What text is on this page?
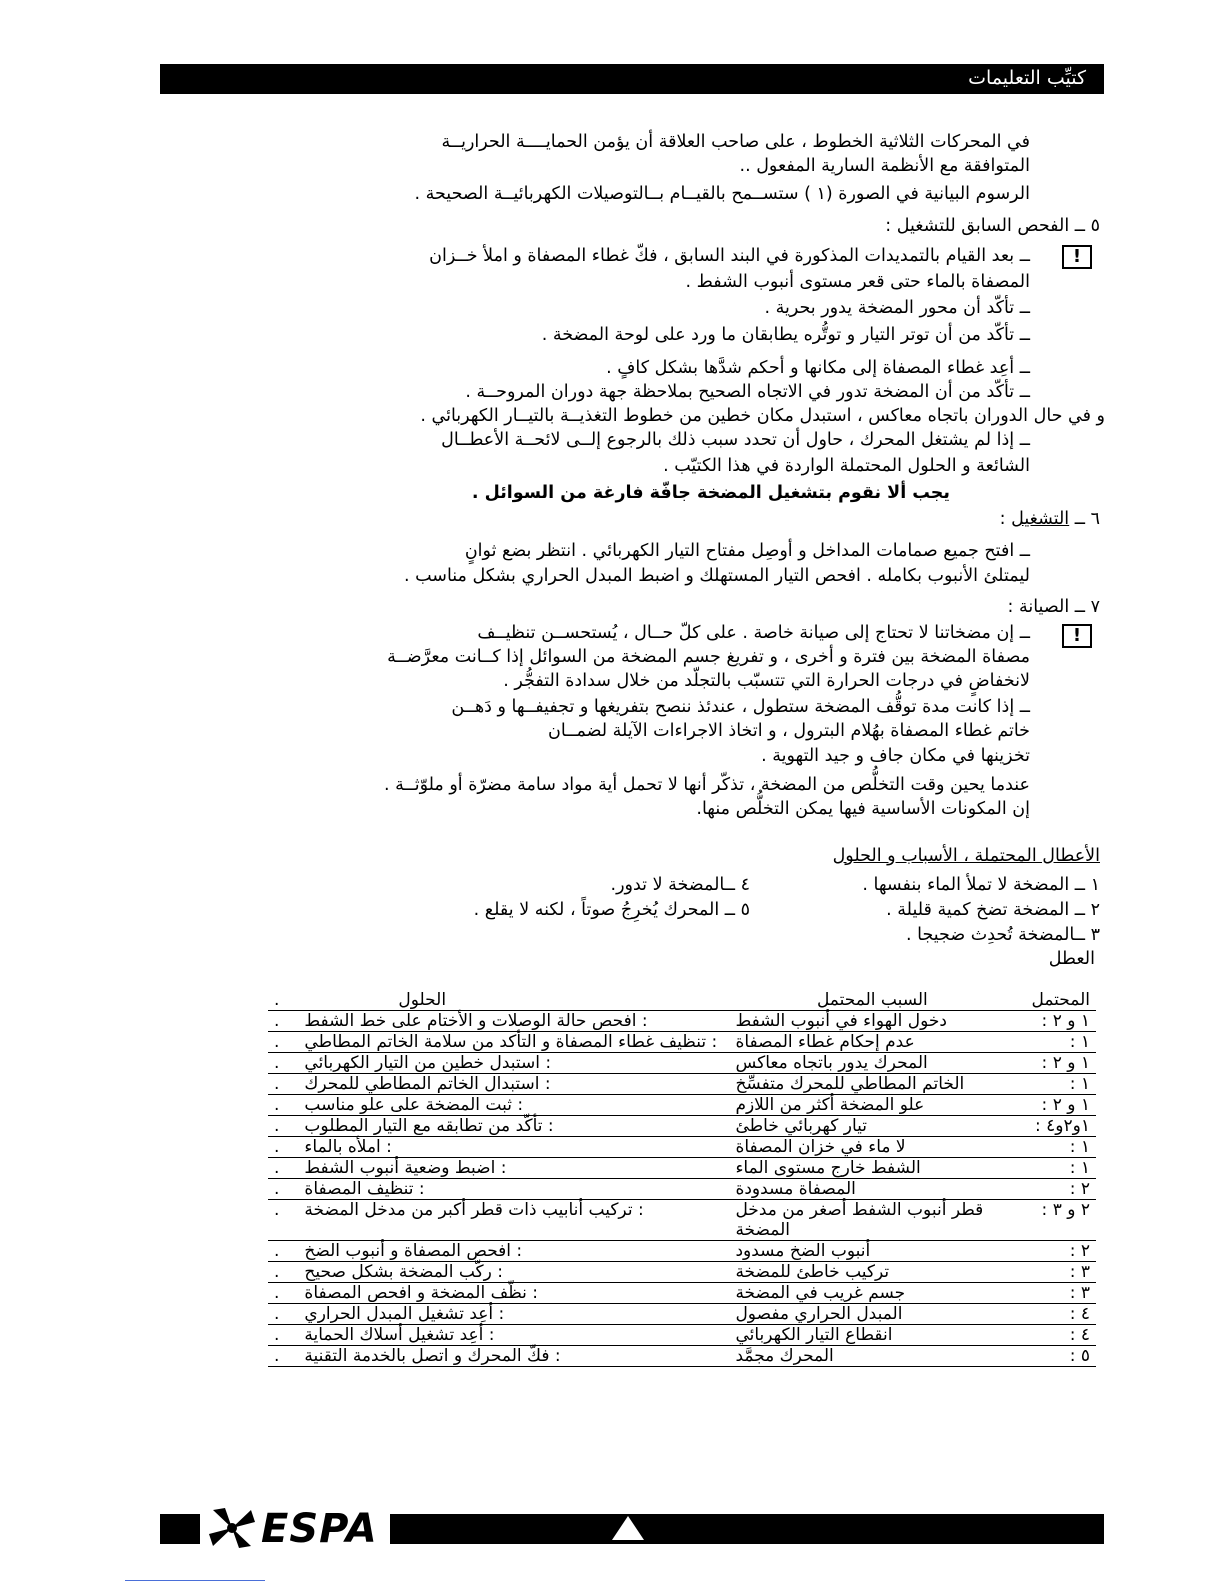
كتيِّب التعليمات
في المحركات الثلاثية الخطوط ، على صاحب العلاقة أن يؤمن الحمايــــة الحراريــة
المتوافقة مع الأنظمة السارية المفعول ..
الرسوم البيانية في الصورة (١ ) ستســمح بالقيــام بــالتوصيلات الكهربائيــة الصحيحة .
٥ ــ الفحص السابق للتشغيل :
!
ــ بعد القيام بالتمديدات المذكورة في البند السابق ، فكّ غطاء المصفاة و املأ خــزان
المصفاة بالماء حتى قعر مستوى أنبوب الشفط .
ــ تأكّد أن محور المضخة يدور بحرية .
ــ تأكّد من أن توتر التيار و توتُّره يطابقان ما ورد على لوحة المضخة .
ــ أعِد غطاء المصفاة إلى مكانها و أحكم شدَّها بشكل كافٍ .
ــ تأكّد من أن المضخة تدور في الاتجاه الصحيح بملاحظة جهة دوران المروحــة .
و في حال الدوران باتجاه معاكس ، استبدل مكان خطين من خطوط التغذيــة بالتيــار الكهربائي .
ــ إذا لم يشتغل المحرك ، حاول أن تحدد سبب ذلك بالرجوع إلــى لائحــة الأعطــال
الشائعة و الحلول المحتملة الواردة في هذا الكتيّب .
يجب ألا نقوم بتشغيل المضخة جافّة فارغة من السوائل .
٦ ــ التشغيل :
ــ افتح جميع صمامات المداخل و أوصِل مفتاح التيار الكهربائي . انتظر بضع ثوانٍ
ليمتلئ الأنبوب بكامله . افحص التيار المستهلك و اضبط المبدل الحراري بشكل مناسب .
٧ ــ الصيانة :
!
ــ إن مضخاتنا لا تحتاج إلى صيانة خاصة . على كلّ حــال ، يُستحســن تنظيــف
مصفاة المضخة بين فترة و أخرى ، و تفريغ جسم المضخة من السوائل إذا كــانت معرَّضــة
لانخفاضٍ في درجات الحرارة التي تتسبّب بالتجلّد من خلال سدادة التفجُّر .
ــ إذا كانت مدة توقُّف المضخة ستطول ، عندئذ ننصح بتفريغها و تجفيفــها و دَهــن
خاتم غطاء المصفاة بهُلام البترول ، و اتخاذ الاجراءات الآيلة لضمــان
تخزينها في مكان جاف و جيد التهوية .
عندما يحين وقت التخلُّص من المضخة ، تذكّر أنها لا تحمل أية مواد سامة مضرّة أو ملوّثــة .
إن المكونات الأساسية فيها يمكن التخلُّص منها.
الأعطال المحتملة ، الأسباب و الحلول
١ ــ المضخة لا تملأ الماء بنفسها .
٤ ــالمضخة لا تدور.
٢ ــ المضخة تضخ كمية قليلة .
٥ ــ المحرك يُخرِجُ صوتاً ، لكنه لا يقلع .
٣ ــالمضخة تُحدِث ضجيجا .
العطل
المحتمل	السبب المحتمل	الحلول	.
١ و ٢ :	دخول الهواء في أنبوب الشفط	: افحص حالة الوصلات و الأختام على خط الشفط	.
١ :	عدم إحكام غطاء المصفاة	: تنظيف غطاء المصفاة و التأكد من سلامة الخاتم المطاطي	.
١ و ٢ :	المحرك يدور باتجاه معاكس	: استبدل خطين من التيار الكهربائي	.
١ :	الخاتم المطاطي للمحرك متفسِّخ	: استبدال الخاتم المطاطي للمحرك	.
١ و ٢ :	علو المضخة أكثر من اللازم	: ثبت المضخة على علو مناسب	.
١و٢و٤ :	تيار كهربائي خاطئ	: تأكّد من تطابقه مع التيار المطلوب	.
١ :	لا ماء في خزان المصفاة	: املأه بالماء	.
١ :	الشفط خارج مستوى الماء	: اضبط وضعية أنبوب الشفط	.
٢ :	المصفاة مسدودة	: تنظيف المصفاة	.
٢ و ٣ :	قطر أنبوب الشفط أصغر من مدخل المضخة	: تركيب أنابيب ذات قطر أكبر من مدخل المضخة	.
٢ :	أنبوب الضخ مسدود	: افحص المصفاة و أنبوب الضخ	.
٣ :	تركيب خاطئ للمضخة	: ركّب المضخة بشكل صحيح	.
٣ :	جسم غريب في المضخة	: نظّف المضخة و افحص المصفاة	.
٤ :	المبدل الحراري مفصول	: أعِد تشغيل المبدل الحراري	.
٤ :	انقطاع التيار الكهربائي	: أعِد تشغيل أسلاك الحماية	.
٥ :	المحرك مجمَّد	: فكّ المحرك و اتصل بالخدمة التقنية	.
ESPA
